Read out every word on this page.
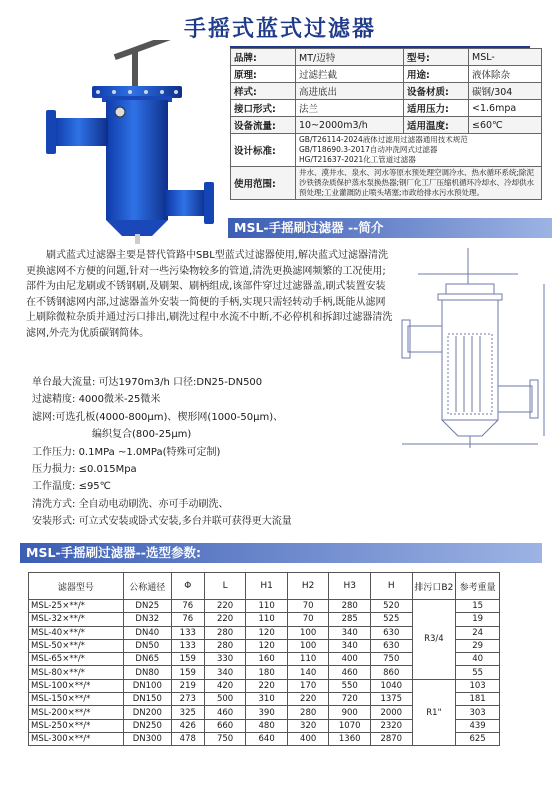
手摇式蓝式过滤器
品牌:	MT/迈特	型号:	MSL-
原理:	过滤拦截	用途:	液体除杂
样式:	高进底出	设备材质:	碳钢/304
接口形式:	法兰	适用压力:	<1.6mpa
设备流量:	10~2000m3/h	适用温度:	≤60℃
设计标准:	GB/T26114-2024液体过滤用过滤器通用技术规范
GB/T18690.3-2017自动冲洗网式过滤器
HG/T21637-2021化工管道过滤器		

使用范围:	井水、漠井水、泉水、河水等原水预处理空调冷水、热水循环系统;除泥沙铁锈杂质保护蒸水泵换热器;钢厂化工厂压缩机循环冷却水、冷却供水预处理;工业灌溉防止喷头堵塞;市政给排水污水预处理。		
MSL-手摇刷过滤器 --简介

刷式蓝式过滤器主要是替代管路中SBL型蓝式过滤器使用,解决蓝式过滤器清洗更换滤网不方便的问题,针对一些污染物较多的管道,清洗更换滤网频繁的工况使用;部件为由尼龙刷或不锈钢刷,及刷架、刷柄组成,该部件穿过过滤器盖,刷式装置安装在不锈钢滤网内部,过滤器盖外安装一简便的手柄,实现只需轻转动手柄,既能从滤网上刷除微粒杂质并通过污口排出,刷洗过程中水流不中断,不必停机和拆卸过滤器清洗滤网,外壳为优质碳钢简体。

单台最大流量: 可达1970m3/h 口径:DN25-DN500
过滤精度: 4000微米-25微米
滤网:可选孔板(4000-800μm)、楔形网(1000-50μm)、
编织复合(800-25μm)
工作压力: 0.1MPa ~1.0MPa(特殊可定制)
压力损力: ≤0.015Mpa
工作温度: ≤95℃
清洗方式: 全自动电动刷洗、亦可手动刷洗、
安装形式: 可立式安装或卧式安装,多台并联可获得更大流量
MSL-手摇刷过滤器--选型参数:
滤器型号	公称通径	Φ	L	H1	H2	H3	H	排污口B2	参考重量
MSL-25×**/*	DN25	76	220	110	70	280	520	R3/4	15
MSL-32×**/*	DN32	76	220	110	70	285	525		19
MSL-40×**/*	DN40	133	280	120	100	340	630		24
MSL-50×**/*	DN50	133	280	120	100	340	630		29
MSL-65×**/*	DN65	159	330	160	110	400	750		40
MSL-80×**/*	DN80	159	340	180	140	460	860		55
MSL-100×**/*	DN100	219	420	220	170	550	1040	R1"	103
MSL-150×**/*	DN150	273	500	310	220	720	1375		181
MSL-200×**/*	DN200	325	460	390	280	900	2000		303
MSL-250×**/*	DN250	426	660	480	320	1070	2320		439
MSL-300×**/*	DN300	478	750	640	400	1360	2870		625
